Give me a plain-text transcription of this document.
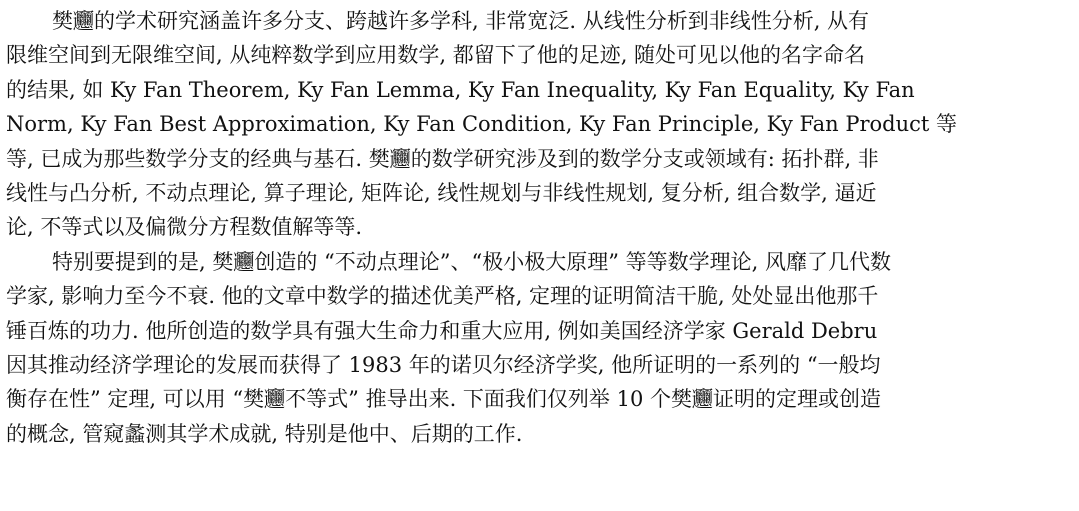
樊𰻝的学术研究涵盖许多分支、跨越许多学科, 非常宽泛. 从线性分析到非线性分析, 从有
限维空间到无限维空间, 从纯粹数学到应用数学, 都留下了他的足迹, 随处可见以他的名字命名
的结果, 如 Ky Fan Theorem, Ky Fan Lemma, Ky Fan Inequality, Ky Fan Equality, Ky Fan
Norm, Ky Fan Best Approximation, Ky Fan Condition, Ky Fan Principle, Ky Fan Product 等
等, 已成为那些数学分支的经典与基石. 樊𰻝的数学研究涉及到的数学分支或领域有: 拓扑群, 非
线性与凸分析, 不动点理论, 算子理论, 矩阵论, 线性规划与非线性规划, 复分析, 组合数学, 逼近
论, 不等式以及偏微分方程数值解等等.

特别要提到的是, 樊𰻝创造的 “不动点理论”、“极小极大原理” 等等数学理论, 风靡了几代数
学家, 影响力至今不衰. 他的文章中数学的描述优美严格, 定理的证明简洁干脆, 处处显出他那千
锤百炼的功力. 他所创造的数学具有强大生命力和重大应用, 例如美国经济学家 Gerald Debru
因其推动经济学理论的发展而获得了 1983 年的诺贝尔经济学奖, 他所证明的一系列的 “一般均
衡存在性” 定理, 可以用 “樊𰻝不等式” 推导出来. 下面我们仅列举 10 个樊𰻝证明的定理或创造
的概念, 管窥蠡测其学术成就, 特别是他中、后期的工作.
